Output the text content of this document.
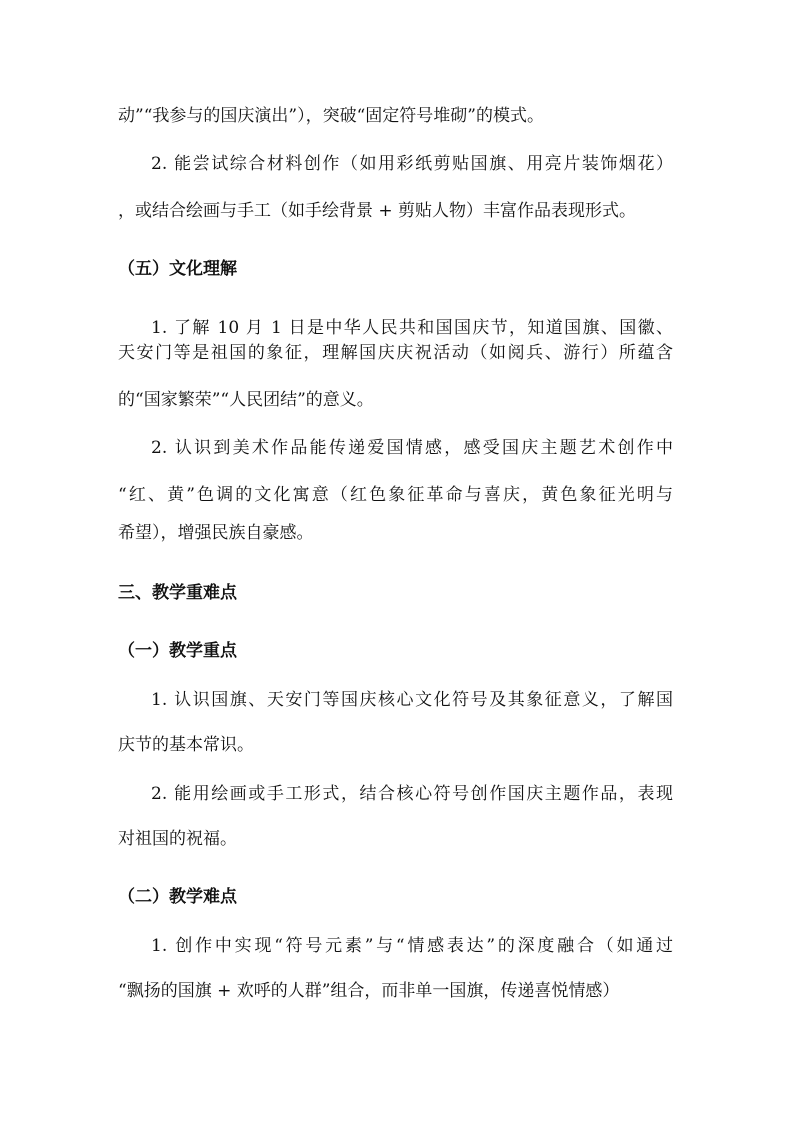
动”“我参与的国庆演出”），突破“固定符号堆砌”的模式。
2. 能尝试综合材料创作（如用彩纸剪贴国旗、用亮片装饰烟花）
，或结合绘画与手工（如手绘背景 + 剪贴人物）丰富作品表现形式。
（五）文化理解
1. 了解 10 月 1 日是中华人民共和国国庆节，知道国旗、国徽、
天安门等是祖国的象征，理解国庆庆祝活动（如阅兵、游行）所蕴含
的“国家繁荣”“人民团结”的意义。
2. 认识到美术作品能传递爱国情感，感受国庆主题艺术创作中
“红、黄”色调的文化寓意（红色象征革命与喜庆，黄色象征光明与
希望），增强民族自豪感。
三、教学重难点
（一）教学重点
1. 认识国旗、天安门等国庆核心文化符号及其象征意义，了解国
庆节的基本常识。
2. 能用绘画或手工形式，结合核心符号创作国庆主题作品，表现
对祖国的祝福。
（二）教学难点
1. 创作中实现“符号元素”与“情感表达”的深度融合（如通过
“飘扬的国旗 + 欢呼的人群”组合，而非单一国旗，传递喜悦情感）
